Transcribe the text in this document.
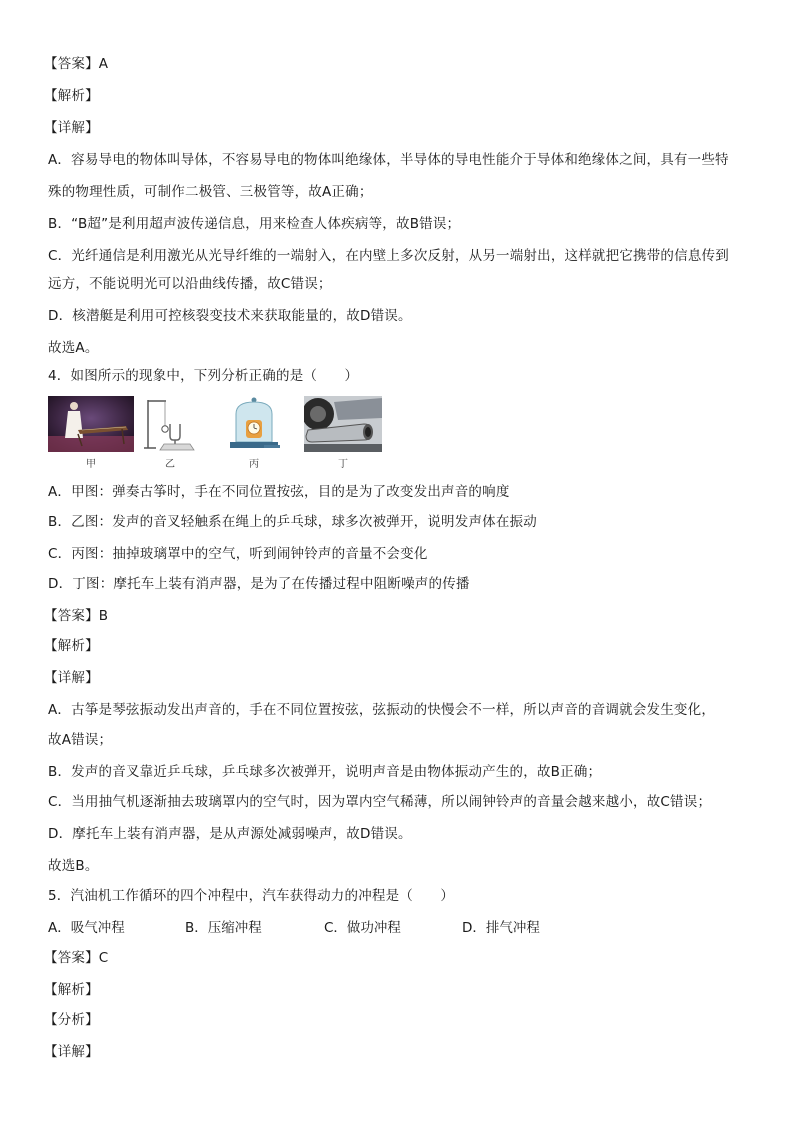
【答案】A
【解析】
【详解】
A．容易导电的物体叫导体，不容易导电的物体叫绝缘体，半导体的导电性能介于导体和绝缘体之间，具有一些特
殊的物理性质，可制作二极管、三极管等，故A正确；
B．“B超”是利用超声波传递信息，用来检查人体疾病等，故B错误；
C．光纤通信是利用激光从光导纤维的一端射入，在内壁上多次反射，从另一端射出，这样就把它携带的信息传到
远方，不能说明光可以沿曲线传播，故C错误；
D．核潜艇是利用可控核裂变技术来获取能量的，故D错误。
故选A。
4．如图所示的现象中，下列分析正确的是（　　）
甲	乙	丙	丁
A．甲图：弹奏古筝时，手在不同位置按弦，目的是为了改变发出声音的响度
B．乙图：发声的音叉轻触系在绳上的乒乓球，球多次被弹开，说明发声体在振动
C．丙图：抽掉玻璃罩中的空气，听到闹钟铃声的音量不会变化
D．丁图：摩托车上装有消声器，是为了在传播过程中阻断噪声的传播
【答案】B
【解析】
【详解】
A．古筝是琴弦振动发出声音的，手在不同位置按弦，弦振动的快慢会不一样，所以声音的音调就会发生变化，
故A错误；
B．发声的音叉靠近乒乓球，乒乓球多次被弹开，说明声音是由物体振动产生的，故B正确；
C．当用抽气机逐渐抽去玻璃罩内的空气时，因为罩内空气稀薄，所以闹钟铃声的音量会越来越小，故C错误；
D．摩托车上装有消声器，是从声源处减弱噪声，故D错误。
故选B。
5．汽油机工作循环的四个冲程中，汽车获得动力的冲程是（　　）
A．吸气冲程	B．压缩冲程	C．做功冲程	D．排气冲程
【答案】C
【解析】
【分析】
【详解】
